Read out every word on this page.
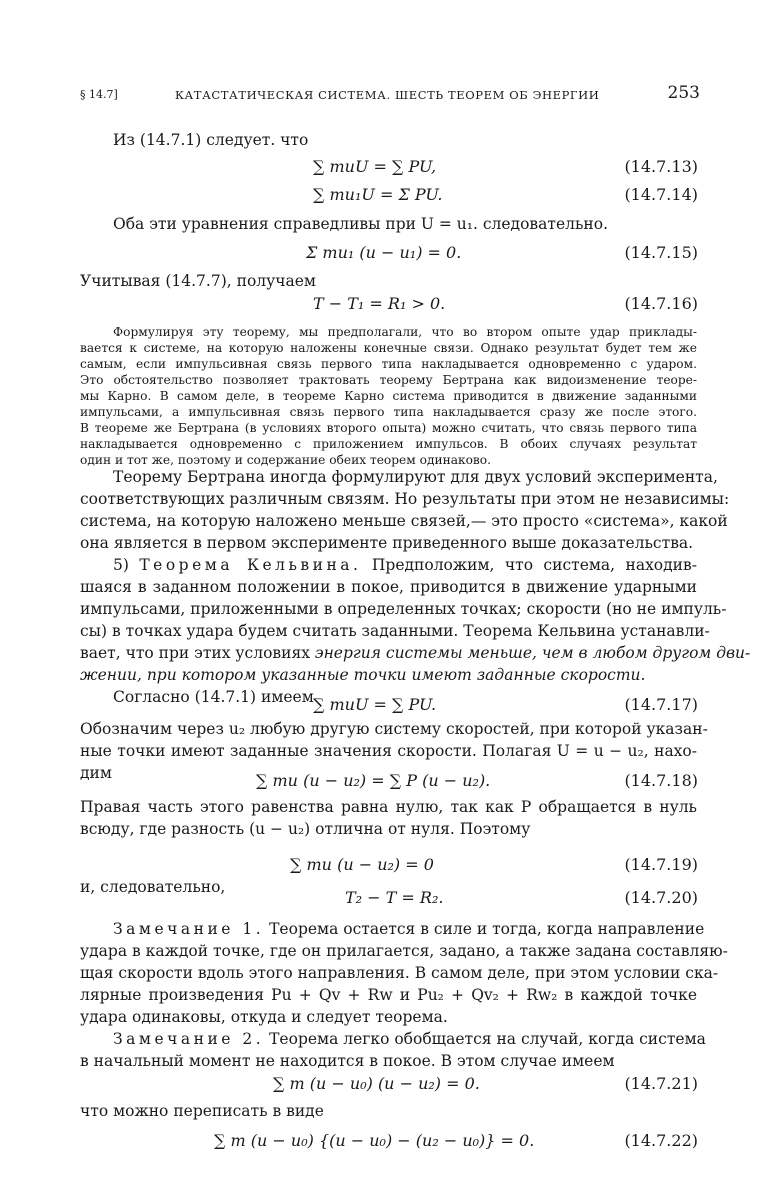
§ 14.7]	КАТАСТАТИЧЕСКАЯ СИСТЕМА. ШЕСТЬ ТЕОРЕМ ОБ ЭНЕРГИИ	253
Из (14.7.1) следует. что
∑ muU = ∑ PU,	(14.7.13)
∑ mu₁U = Σ PU.	(14.7.14)
Оба эти уравнения справедливы при U = u₁. следовательно.
Σ mu₁ (u − u₁) = 0.	(14.7.15)
Учитывая (14.7.7), получаем
T − T₁ = R₁ > 0.	(14.7.16)
Формулируя эту теорему, мы предполагали, что во втором опыте удар приклады-
вается к системе, на которую наложены конечные связи. Однако результат будет тем же
самым, если импульсивная связь первого типа накладывается одновременно с ударом.
Это обстоятельство позволяет трактовать теорему Бертрана как видоизменение теоре-
мы Карно. В самом деле, в теореме Карно система приводится в движение заданными
импульсами, а импульсивная связь первого типа накладывается сразу же после этого.
В теореме же Бертрана (в условиях второго опыта) можно считать, что связь первого типа
накладывается одновременно с приложением импульсов. В обоих случаях результат
один и тот же, поэтому и содержание обеих теорем одинаково.
Теорему Бертрана иногда формулируют для двух условий эксперимента,
соответствующих различным связям. Но результаты при этом не независимы:
система, на которую наложено меньше связей,— это просто «система», какой
она является в первом эксперименте приведенного выше доказательства.
5) Теорема Кельвина. Предположим, что система, находив-
шаяся в заданном положении в покое, приводится в движение ударными
импульсами, приложенными в определенных точках; скорости (но не импуль-
сы) в точках удара будем считать заданными. Теорема Кельвина устанавли-
вает, что при этих условиях энергия системы меньше, чем в любом другом дви-
жении, при котором указанные точки имеют заданные скорости.
Согласно (14.7.1) имеем ∑ muU = ∑ PU.	(14.7.17)
Обозначим через u₂ любую другую систему скоростей, при которой указан-
ные точки имеют заданные значения скорости. Полагая U = u − u₂, нахо-
дим	∑ mu (u − u₂) = ∑ P (u − u₂).	(14.7.18)
Правая часть этого равенства равна нулю, так как P обращается в нуль
всюду, где разность (u − u₂) отлична от нуля. Поэтому
∑ mu (u − u₂) = 0	(14.7.19)
и, следовательно,
T₂ − T = R₂.	(14.7.20)
Замечание 1. Теорема остается в силе и тогда, когда направление
удара в каждой точке, где он прилагается, задано, а также задана составляю-
щая скорости вдоль этого направления. В самом деле, при этом условии ска-
лярные произведения Pu + Qv + Rw и Pu₂ + Qv₂ + Rw₂ в каждой точке
удара одинаковы, откуда и следует теорема.
Замечание 2. Теорема легко обобщается на случай, когда система
в начальный момент не находится в покое. В этом случае имеем
∑ m (u − u₀) (u − u₂) = 0.	(14.7.21)
что можно переписать в виде
∑ m (u − u₀) {(u − u₀) − (u₂ − u₀)} = 0.	(14.7.22)
